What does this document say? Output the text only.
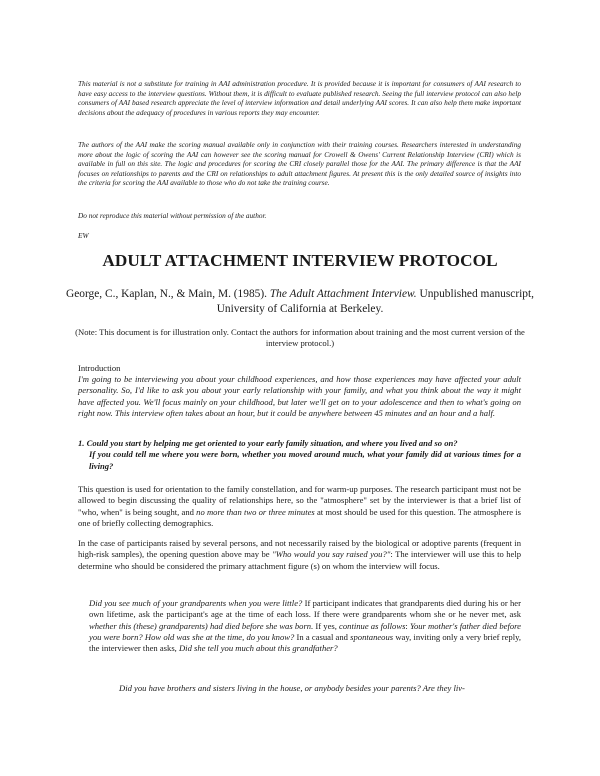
This material is not a substitute for training in AAI administration procedure. It is provided because it is important for consumers of AAI research to have easy access to the interview questions. Without them, it is difficult to evaluate published research. Seeing the full interview protocol can also help consumers of AAI based research appreciate the level of interview information and detail underlying AAI scores. It can also help them make important decisions about the adequacy of procedures in various reports they may encounter.

The authors of the AAI make the scoring manual available only in conjunction with their training courses. Researchers interested in understanding more about the logic of scoring the AAI can however see the scoring manual for Crowell & Owens' Current Relationship Interview (CRI) which is available in full on this site. The logic and procedures for scoring the CRI closely parallel those for the AAI. The primary difference is that the AAI focuses on relationships to parents and the CRI on relationships to adult attachment figures. At present this is the only detailed source of insights into the criteria for scoring the AAI available to those who do not take the training course.

Do not reproduce this material without permission of the author.

EW

ADULT ATTACHMENT INTERVIEW PROTOCOL

George, C., Kaplan, N., & Main, M. (1985). The Adult Attachment Interview. Unpublished manuscript, University of California at Berkeley.

(Note: This document is for illustration only. Contact the authors for information about training and the most current version of the interview protocol.)

Introduction

I'm going to be interviewing you about your childhood experiences, and how those experiences may have affected your adult personality. So, I'd like to ask you about your early relationship with your family, and what you think about the way it might have affected you. We'll focus mainly on your childhood, but later we'll get on to your adolescence and then to what's going on right now. This interview often takes about an hour, but it could be anywhere between 45 minutes and an hour and a half.

1. Could you start by helping me get oriented to your early family situation, and where you lived and so on?
If you could tell me where you were born, whether you moved around much, what your family did at various times for a living?

This question is used for orientation to the family constellation, and for warm-up purposes. The research participant must not be allowed to begin discussing the quality of relationships here, so the "atmosphere" set by the interviewer is that a brief list of "who, when" is being sought, and no more than two or three minutes at most should be used for this question. The atmosphere is one of briefly collecting demographics.

In the case of participants raised by several persons, and not necessarily raised by the biological or adoptive parents (frequent in high-risk samples), the opening question above may be "Who would you say raised you?": The interviewer will use this to help determine who should be considered the primary attachment figure (s) on whom the interview will focus.

Did you see much of your grandparents when you were little? If participant indicates that grandparents died during his or her own lifetime, ask the participant's age at the time of each loss. If there were grandparents whom she or he never met, ask whether this (these) grandparents) had died before she was born. If yes, continue as follows: Your mother's father died before you were born? How old was she at the time, do you know? In a casual and spontaneous way, inviting only a very brief reply, the interviewer then asks, Did she tell you much about this grandfather?

Did you have brothers and sisters living in the house, or anybody besides your parents? Are they liv-
